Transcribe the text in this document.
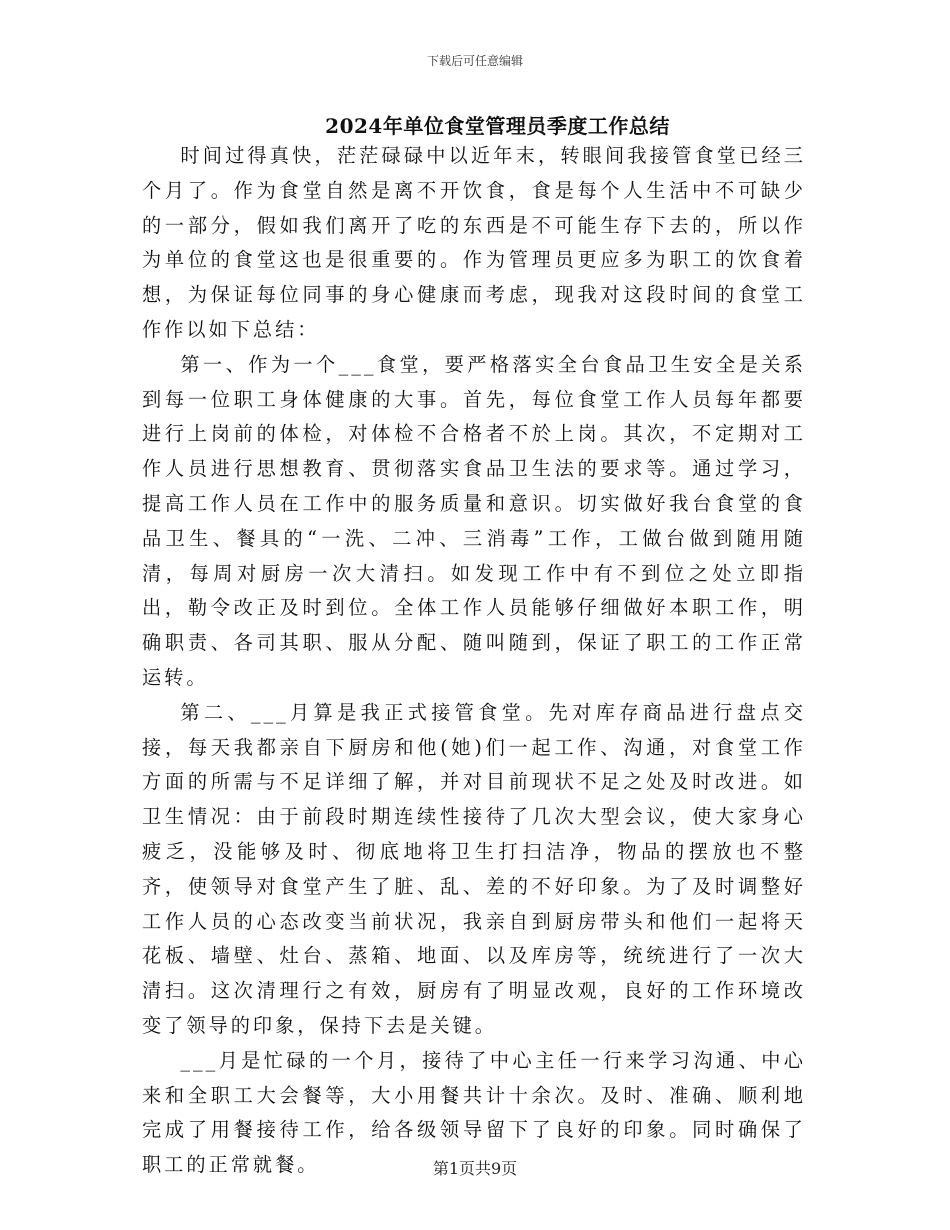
下载后可任意编辑
2024年单位食堂管理员季度工作总结

时间过得真快，茫茫碌碌中以近年末，转眼间我接管食堂已经三个月了。作为食堂自然是离不开饮食，食是每个人生活中不可缺少的一部分，假如我们离开了吃的东西是不可能生存下去的，所以作为单位的食堂这也是很重要的。作为管理员更应多为职工的饮食着想，为保证每位同事的身心健康而考虑，现我对这段时间的食堂工作作以如下总结：

第一、作为一个___食堂，要严格落实全台食品卫生安全是关系到每一位职工身体健康的大事。首先，每位食堂工作人员每年都要进行上岗前的体检，对体检不合格者不於上岗。其次，不定期对工作人员进行思想教育、贯彻落实食品卫生法的要求等。通过学习，提高工作人员在工作中的服务质量和意识。切实做好我台食堂的食品卫生、餐具的“一洗、二冲、三消毒”工作，工做台做到随用随清，每周对厨房一次大清扫。如发现工作中有不到位之处立即指出，勒令改正及时到位。全体工作人员能够仔细做好本职工作，明确职责、各司其职、服从分配、随叫随到，保证了职工的工作正常运转。

第二、___月算是我正式接管食堂。先对库存商品进行盘点交接，每天我都亲自下厨房和他(她)们一起工作、沟通，对食堂工作方面的所需与不足详细了解，并对目前现状不足之处及时改进。如卫生情况：由于前段时期连续性接待了几次大型会议，使大家身心疲乏，没能够及时、彻底地将卫生打扫洁净，物品的摆放也不整齐，使领导对食堂产生了脏、乱、差的不好印象。为了及时调整好工作人员的心态改变当前状况，我亲自到厨房带头和他们一起将天花板、墙壁、灶台、蒸箱、地面、以及库房等，统统进行了一次大清扫。这次清理行之有效，厨房有了明显改观，良好的工作环境改变了领导的印象，保持下去是关键。

___月是忙碌的一个月，接待了中心主任一行来学习沟通、中心来和全职工大会餐等，大小用餐共计十余次。及时、准确、顺利地完成了用餐接待工作，给各级领导留下了良好的印象。同时确保了职工的正常就餐。	第1页共9页
